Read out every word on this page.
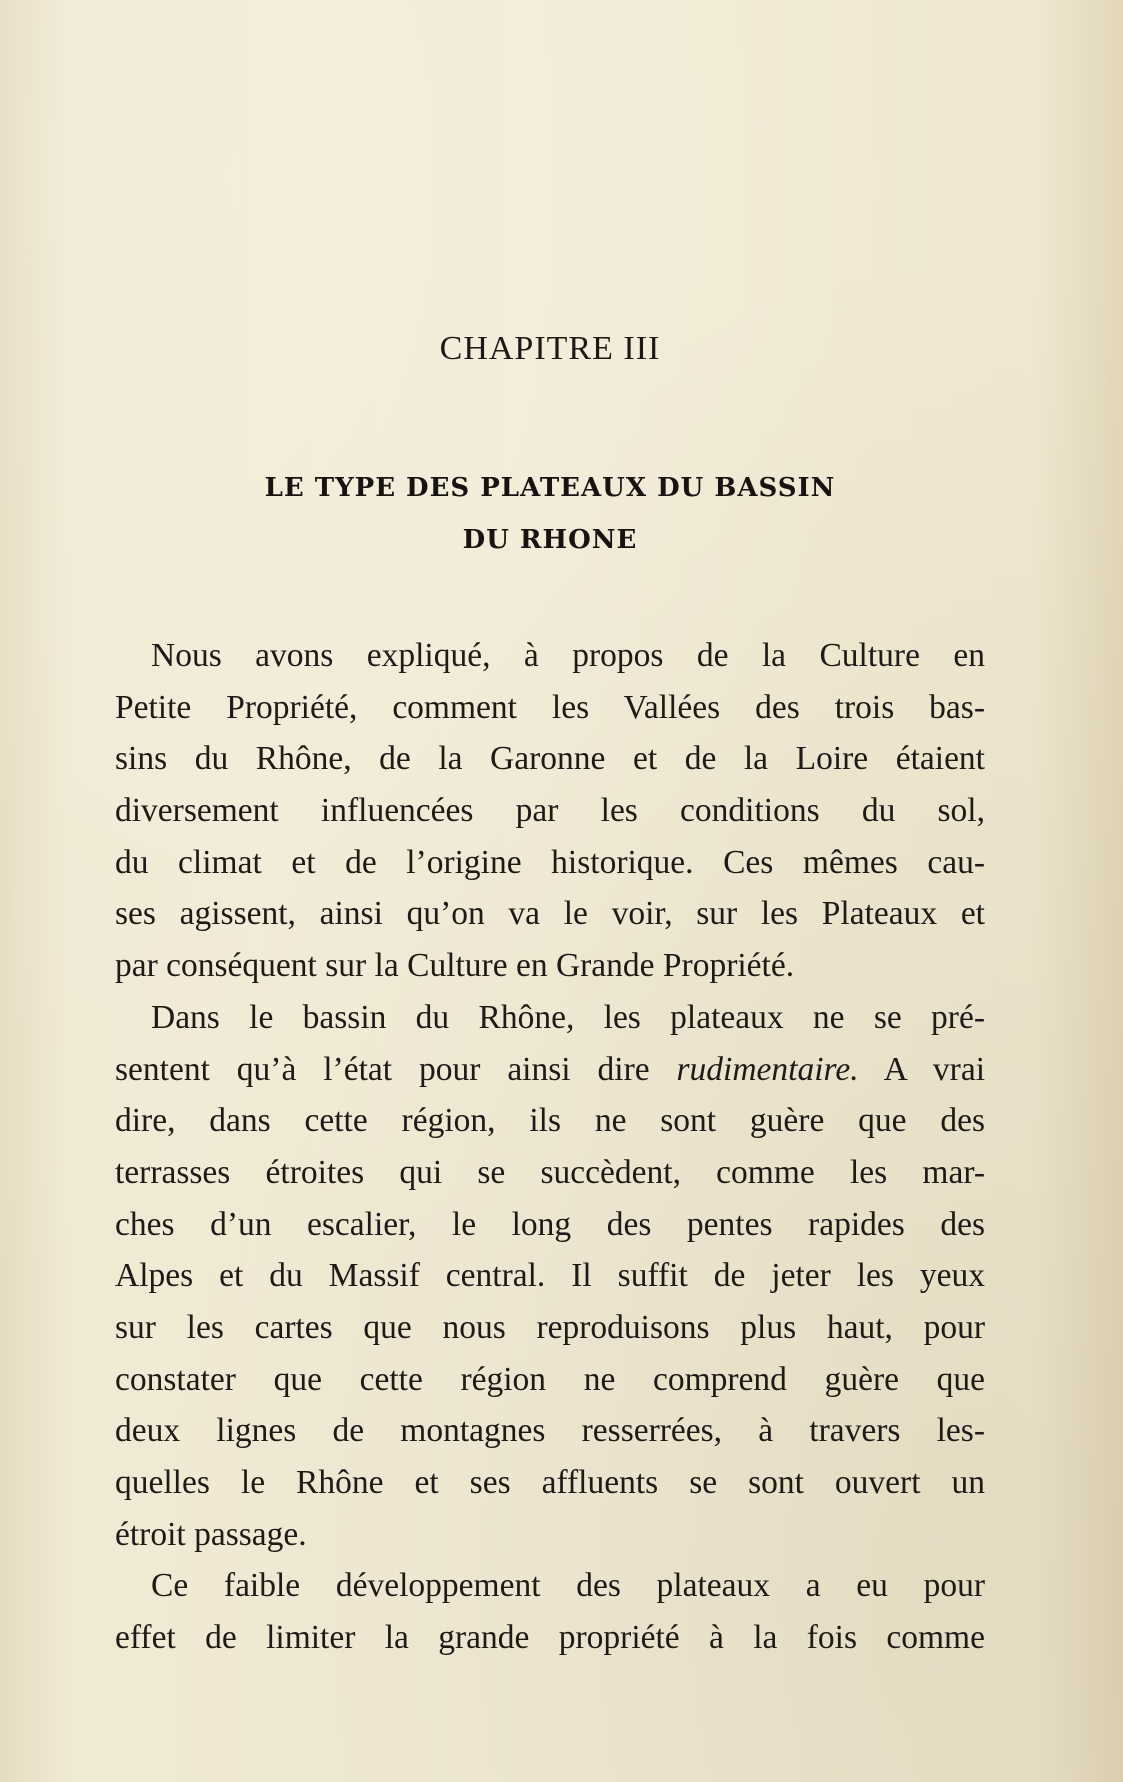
CHAPITRE III
LE TYPE DES PLATEAUX DU BASSIN
DU RHONE
Nous avons expliqué, à propos de la Culture en
Petite Propriété, comment les Vallées des trois bas-
sins du Rhône, de la Garonne et de la Loire étaient
diversement influencées par les conditions du sol,
du climat et de l’origine historique. Ces mêmes cau-
ses agissent, ainsi qu’on va le voir, sur les Plateaux et
par conséquent sur la Culture en Grande Propriété.
Dans le bassin du Rhône, les plateaux ne se pré-
sentent qu’à l’état pour ainsi dire rudimentaire. A vrai
dire, dans cette région, ils ne sont guère que des
terrasses étroites qui se succèdent, comme les mar-
ches d’un escalier, le long des pentes rapides des
Alpes et du Massif central. Il suffit de jeter les yeux
sur les cartes que nous reproduisons plus haut, pour
constater que cette région ne comprend guère que
deux lignes de montagnes resserrées, à travers les-
quelles le Rhône et ses affluents se sont ouvert un
étroit passage.
Ce faible développement des plateaux a eu pour
effet de limiter la grande propriété à la fois comme
